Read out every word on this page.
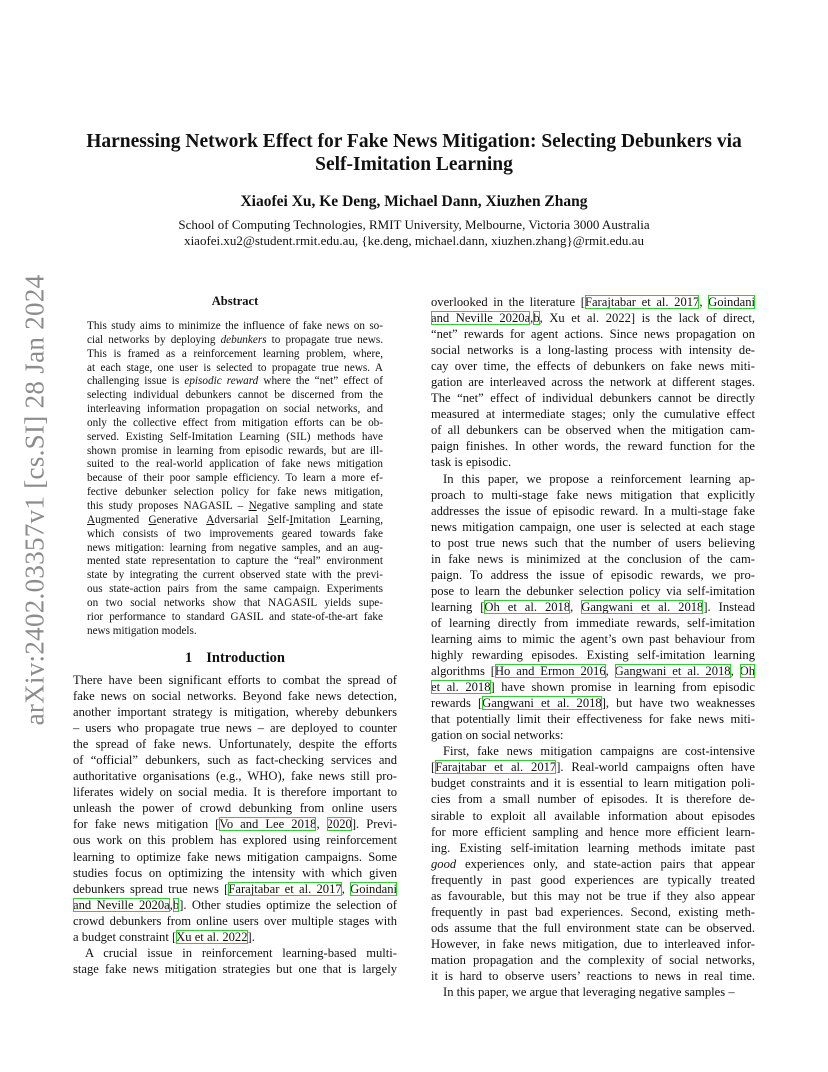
arXiv:2402.03357v1 [cs.SI] 28 Jan 2024
Harnessing Network Effect for Fake News Mitigation: Selecting Debunkers via
Self-Imitation Learning
Xiaofei Xu, Ke Deng, Michael Dann, Xiuzhen Zhang
School of Computing Technologies, RMIT University, Melbourne, Victoria 3000 Australia
xiaofei.xu2@student.rmit.edu.au, {ke.deng, michael.dann, xiuzhen.zhang}@rmit.edu.au
Abstract
This study aims to minimize the influence of fake news on so-
cial networks by deploying debunkers to propagate true news.
This is framed as a reinforcement learning problem, where,
at each stage, one user is selected to propagate true news. A
challenging issue is episodic reward where the “net” effect of
selecting individual debunkers cannot be discerned from the
interleaving information propagation on social networks, and
only the collective effect from mitigation efforts can be ob-
served. Existing Self-Imitation Learning (SIL) methods have
shown promise in learning from episodic rewards, but are ill-
suited to the real-world application of fake news mitigation
because of their poor sample efficiency. To learn a more ef-
fective debunker selection policy for fake news mitigation,
this study proposes NAGASIL – Negative sampling and state
Augmented Generative Adversarial Self-Imitation Learning,
which consists of two improvements geared towards fake
news mitigation: learning from negative samples, and an aug-
mented state representation to capture the “real” environment
state by integrating the current observed state with the previ-
ous state-action pairs from the same campaign. Experiments
on two social networks show that NAGASIL yields supe-
rior performance to standard GASIL and state-of-the-art fake
news mitigation models.
1 Introduction
There have been significant efforts to combat the spread of
fake news on social networks. Beyond fake news detection,
another important strategy is mitigation, whereby debunkers
– users who propagate true news – are deployed to counter
the spread of fake news. Unfortunately, despite the efforts
of “official” debunkers, such as fact-checking services and
authoritative organisations (e.g., WHO), fake news still pro-
liferates widely on social media. It is therefore important to
unleash the power of crowd debunking from online users
for fake news mitigation [Vo and Lee 2018, 2020]. Previ-
ous work on this problem has explored using reinforcement
learning to optimize fake news mitigation campaigns. Some
studies focus on optimizing the intensity with which given
debunkers spread true news [Farajtabar et al. 2017, Goindani
and Neville 2020a,b]. Other studies optimize the selection of
crowd debunkers from online users over multiple stages with
a budget constraint [Xu et al. 2022].
A crucial issue in reinforcement learning-based multi-
stage fake news mitigation strategies but one that is largely
overlooked in the literature [Farajtabar et al. 2017, Goindani
and Neville 2020a,b, Xu et al. 2022] is the lack of direct,
“net” rewards for agent actions. Since news propagation on
social networks is a long-lasting process with intensity de-
cay over time, the effects of debunkers on fake news miti-
gation are interleaved across the network at different stages.
The “net” effect of individual debunkers cannot be directly
measured at intermediate stages; only the cumulative effect
of all debunkers can be observed when the mitigation cam-
paign finishes. In other words, the reward function for the
task is episodic.
In this paper, we propose a reinforcement learning ap-
proach to multi-stage fake news mitigation that explicitly
addresses the issue of episodic reward. In a multi-stage fake
news mitigation campaign, one user is selected at each stage
to post true news such that the number of users believing
in fake news is minimized at the conclusion of the cam-
paign. To address the issue of episodic rewards, we pro-
pose to learn the debunker selection policy via self-imitation
learning [Oh et al. 2018, Gangwani et al. 2018]. Instead
of learning directly from immediate rewards, self-imitation
learning aims to mimic the agent’s own past behaviour from
highly rewarding episodes. Existing self-imitation learning
algorithms [Ho and Ermon 2016, Gangwani et al. 2018, Oh
et al. 2018] have shown promise in learning from episodic
rewards [Gangwani et al. 2018], but have two weaknesses
that potentially limit their effectiveness for fake news miti-
gation on social networks:
First, fake news mitigation campaigns are cost-intensive
[Farajtabar et al. 2017]. Real-world campaigns often have
budget constraints and it is essential to learn mitigation poli-
cies from a small number of episodes. It is therefore de-
sirable to exploit all available information about episodes
for more efficient sampling and hence more efficient learn-
ing. Existing self-imitation learning methods imitate past
good experiences only, and state-action pairs that appear
frequently in past good experiences are typically treated
as favourable, but this may not be true if they also appear
frequently in past bad experiences. Second, existing meth-
ods assume that the full environment state can be observed.
However, in fake news mitigation, due to interleaved infor-
mation propagation and the complexity of social networks,
it is hard to observe users’ reactions to news in real time.
In this paper, we argue that leveraging negative samples –
